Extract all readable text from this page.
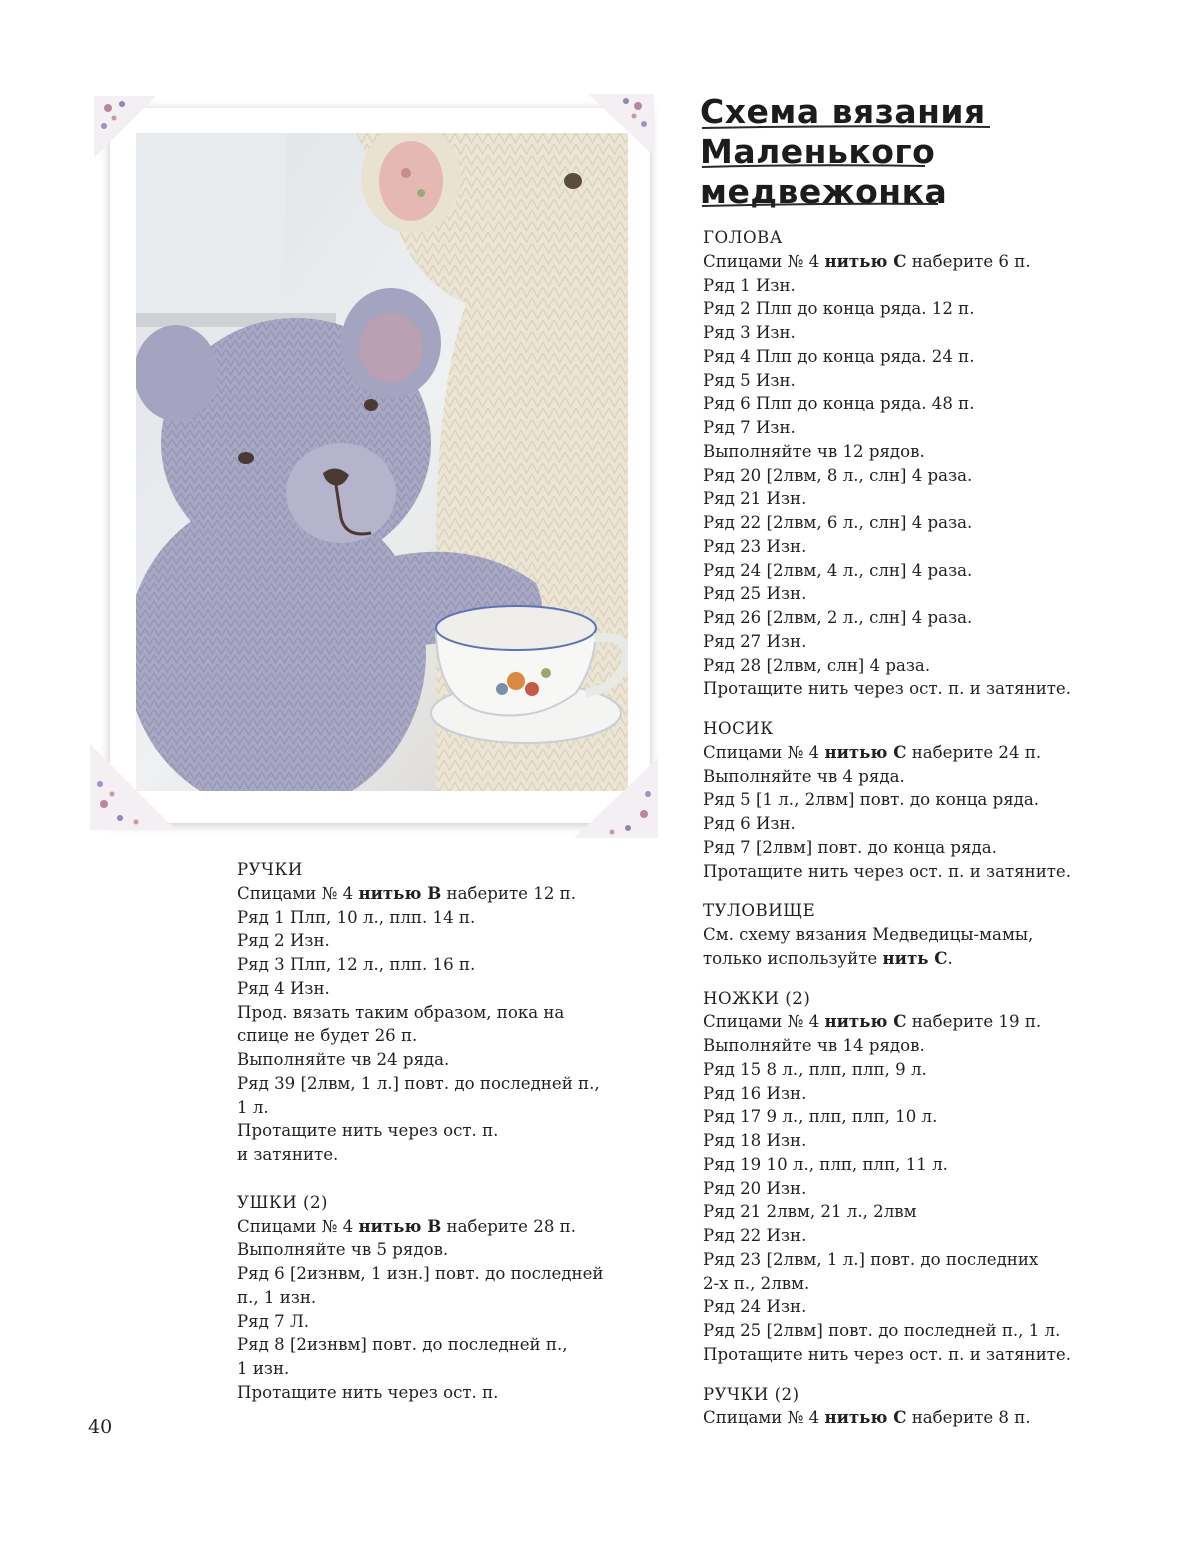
Схема вязания
Маленького
медвежонка
ГОЛОВА
Спицами № 4 нитью С наберите 6 п.
Ряд 1 Изн.
Ряд 2 Плп до конца ряда. 12 п.
Ряд 3 Изн.
Ряд 4 Плп до конца ряда. 24 п.
Ряд 5 Изн.
Ряд 6 Плп до конца ряда. 48 п.
Ряд 7 Изн.
Выполняйте чв 12 рядов.
Ряд 20 [2лвм, 8 л., слн] 4 раза.
Ряд 21 Изн.
Ряд 22 [2лвм, 6 л., слн] 4 раза.
Ряд 23 Изн.
Ряд 24 [2лвм, 4 л., слн] 4 раза.
Ряд 25 Изн.
Ряд 26 [2лвм, 2 л., слн] 4 раза.
Ряд 27 Изн.
Ряд 28 [2лвм, слн] 4 раза.
Протащите нить через ост. п. и затяните.
НОСИК
Спицами № 4 нитью С наберите 24 п.
Выполняйте чв 4 ряда.
Ряд 5 [1 л., 2лвм] повт. до конца ряда.
Ряд 6 Изн.
Ряд 7 [2лвм] повт. до конца ряда.
Протащите нить через ост. п. и затяните.
ТУЛОВИЩЕ
См. схему вязания Медведицы-мамы,
только используйте нить С.
НОЖКИ (2)
Спицами № 4 нитью С наберите 19 п.
Выполняйте чв 14 рядов.
Ряд 15 8 л., плп, плп, 9 л.
Ряд 16 Изн.
Ряд 17 9 л., плп, плп, 10 л.
Ряд 18 Изн.
Ряд 19 10 л., плп, плп, 11 л.
Ряд 20 Изн.
Ряд 21 2лвм, 21 л., 2лвм
Ряд 22 Изн.
Ряд 23 [2лвм, 1 л.] повт. до последних
2-х п., 2лвм.
Ряд 24 Изн.
Ряд 25 [2лвм] повт. до последней п., 1 л.
Протащите нить через ост. п. и затяните.
РУЧКИ (2)
Спицами № 4 нитью С наберите 8 п.
РУЧКИ
Спицами № 4 нитью В наберите 12 п.
Ряд 1 Плп, 10 л., плп. 14 п.
Ряд 2 Изн.
Ряд 3 Плп, 12 л., плп. 16 п.
Ряд 4 Изн.
Прод. вязать таким образом, пока на
спице не будет 26 п.
Выполняйте чв 24 ряда.
Ряд 39 [2лвм, 1 л.] повт. до последней п.,
1 л.
Протащите нить через ост. п.
и затяните.
УШКИ (2)
Спицами № 4 нитью В наберите 28 п.
Выполняйте чв 5 рядов.
Ряд 6 [2изнвм, 1 изн.] повт. до последней
п., 1 изн.
Ряд 7 Л.
Ряд 8 [2изнвм] повт. до последней п.,
1 изн.
Протащите нить через ост. п.
40
